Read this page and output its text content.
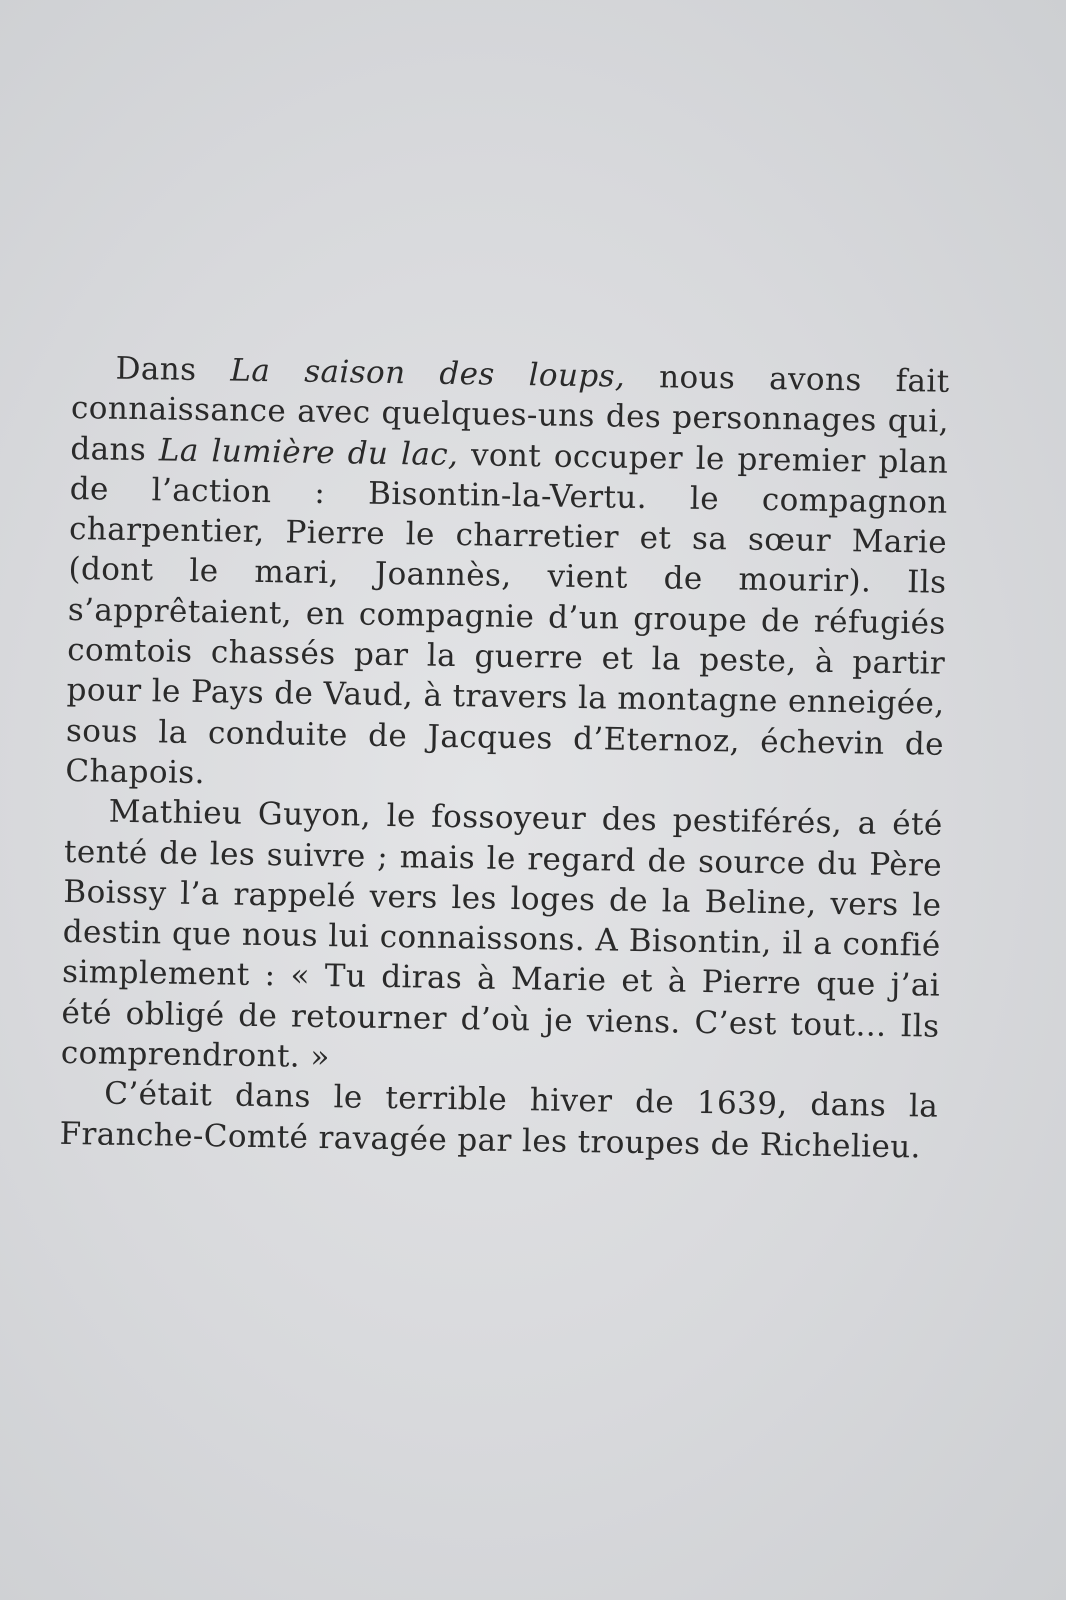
Dans La saison des loups, nous avons fait connaissance avec quelques-uns des personnages qui, dans La lumière du lac, vont occuper le premier plan de l’action : Bisontin-la-Vertu. le compagnon charpentier, Pierre le charretier et sa sœur Marie (dont le mari, Joannès, vient de mourir). Ils s’apprêtaient, en compagnie d’un groupe de réfugiés comtois chassés par la guerre et la peste, à partir pour le Pays de Vaud, à travers la montagne enneigée, sous la conduite de Jacques d’Eternoz, échevin de Chapois.

Mathieu Guyon, le fossoyeur des pestiférés, a été tenté de les suivre ; mais le regard de source du Père Boissy l’a rappelé vers les loges de la Beline, vers le destin que nous lui connaissons. A Bisontin, il a confié simplement : « Tu diras à Marie et à Pierre que j’ai été obligé de retourner d’où je viens. C’est tout... Ils comprendront. »

C’était dans le terrible hiver de 1639, dans la Franche-Comté ravagée par les troupes de Richelieu.
